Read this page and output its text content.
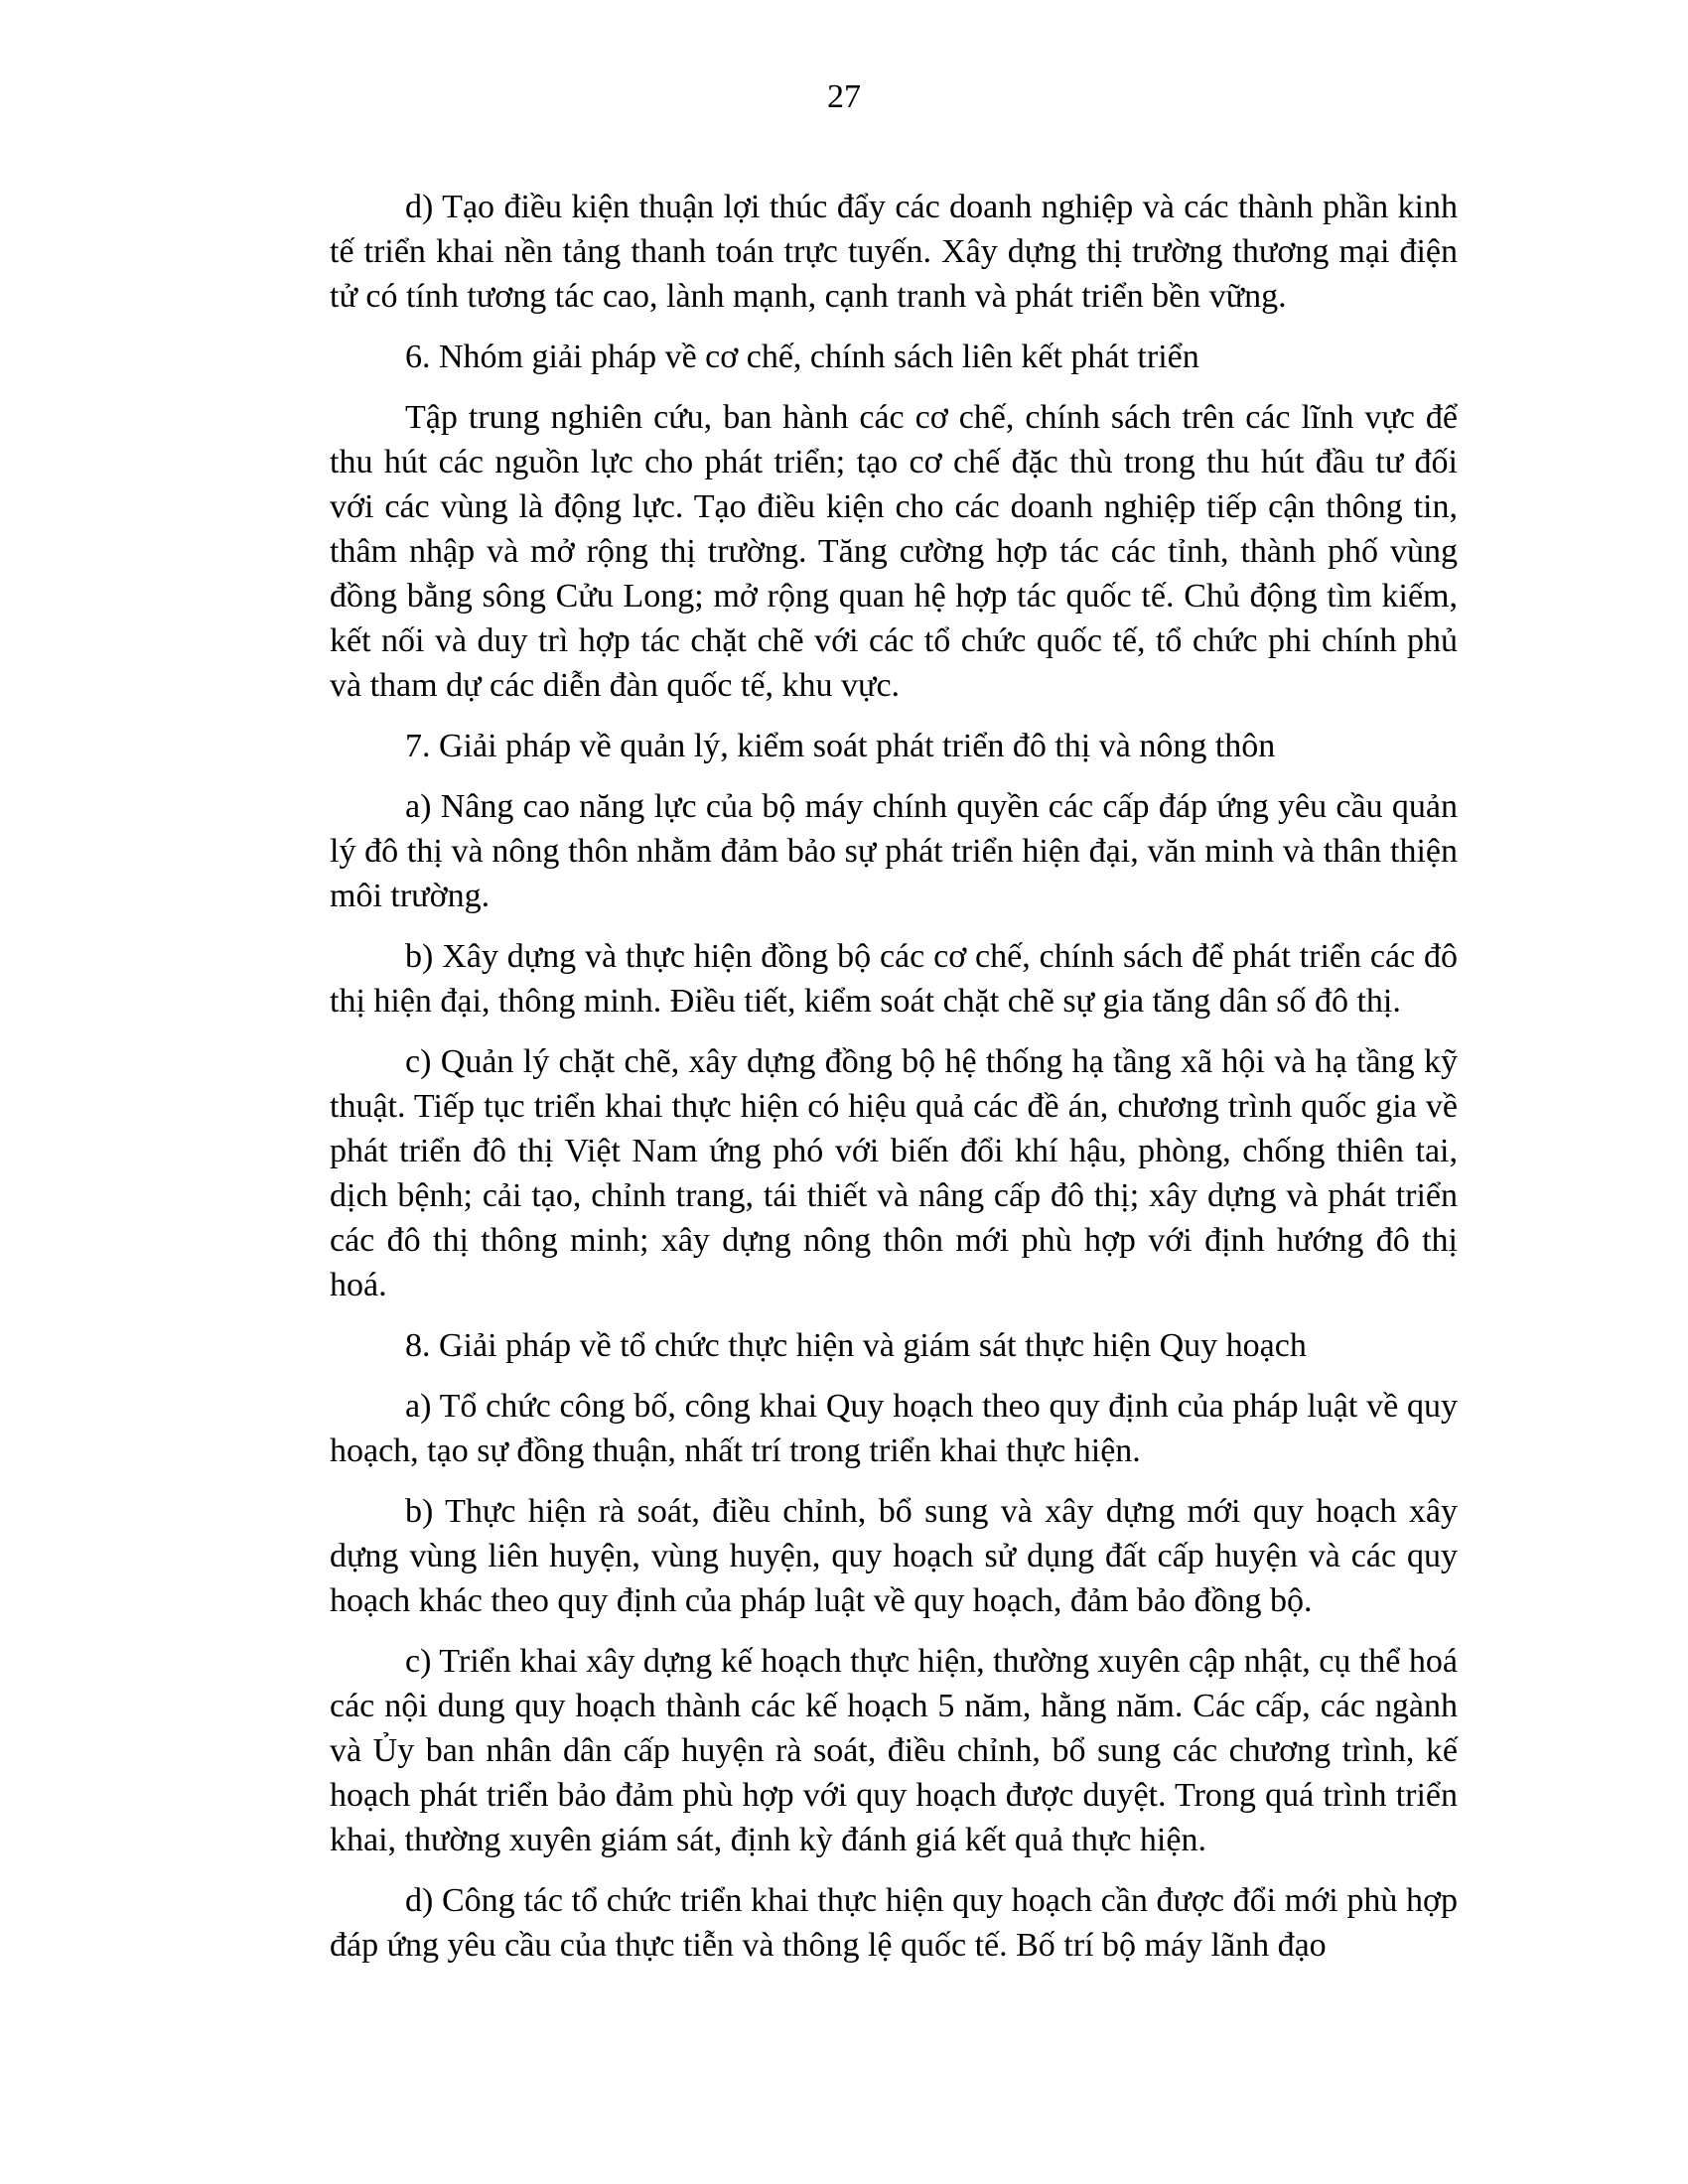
27

d) Tạo điều kiện thuận lợi thúc đẩy các doanh nghiệp và các thành phần kinh tế triển khai nền tảng thanh toán trực tuyến. Xây dựng thị trường thương mại điện tử có tính tương tác cao, lành mạnh, cạnh tranh và phát triển bền vững.

6. Nhóm giải pháp về cơ chế, chính sách liên kết phát triển

Tập trung nghiên cứu, ban hành các cơ chế, chính sách trên các lĩnh vực để thu hút các nguồn lực cho phát triển; tạo cơ chế đặc thù trong thu hút đầu tư đối với các vùng là động lực. Tạo điều kiện cho các doanh nghiệp tiếp cận thông tin, thâm nhập và mở rộng thị trường. Tăng cường hợp tác các tỉnh, thành phố vùng đồng bằng sông Cửu Long; mở rộng quan hệ hợp tác quốc tế. Chủ động tìm kiếm, kết nối và duy trì hợp tác chặt chẽ với các tổ chức quốc tế, tổ chức phi chính phủ và tham dự các diễn đàn quốc tế, khu vực.

7. Giải pháp về quản lý, kiểm soát phát triển đô thị và nông thôn

a) Nâng cao năng lực của bộ máy chính quyền các cấp đáp ứng yêu cầu quản lý đô thị và nông thôn nhằm đảm bảo sự phát triển hiện đại, văn minh và thân thiện môi trường.

b) Xây dựng và thực hiện đồng bộ các cơ chế, chính sách để phát triển các đô thị hiện đại, thông minh. Điều tiết, kiểm soát chặt chẽ sự gia tăng dân số đô thị.

c) Quản lý chặt chẽ, xây dựng đồng bộ hệ thống hạ tầng xã hội và hạ tầng kỹ thuật. Tiếp tục triển khai thực hiện có hiệu quả các đề án, chương trình quốc gia về phát triển đô thị Việt Nam ứng phó với biến đổi khí hậu, phòng, chống thiên tai, dịch bệnh; cải tạo, chỉnh trang, tái thiết và nâng cấp đô thị; xây dựng và phát triển các đô thị thông minh; xây dựng nông thôn mới phù hợp với định hướng đô thị hoá.

8. Giải pháp về tổ chức thực hiện và giám sát thực hiện Quy hoạch

a) Tổ chức công bố, công khai Quy hoạch theo quy định của pháp luật về quy hoạch, tạo sự đồng thuận, nhất trí trong triển khai thực hiện.

b) Thực hiện rà soát, điều chỉnh, bổ sung và xây dựng mới quy hoạch xây dựng vùng liên huyện, vùng huyện, quy hoạch sử dụng đất cấp huyện và các quy hoạch khác theo quy định của pháp luật về quy hoạch, đảm bảo đồng bộ.

c) Triển khai xây dựng kế hoạch thực hiện, thường xuyên cập nhật, cụ thể hoá các nội dung quy hoạch thành các kế hoạch 5 năm, hằng năm. Các cấp, các ngành và Ủy ban nhân dân cấp huyện rà soát, điều chỉnh, bổ sung các chương trình, kế hoạch phát triển bảo đảm phù hợp với quy hoạch được duyệt. Trong quá trình triển khai, thường xuyên giám sát, định kỳ đánh giá kết quả thực hiện.

d) Công tác tổ chức triển khai thực hiện quy hoạch cần được đổi mới phù hợp đáp ứng yêu cầu của thực tiễn và thông lệ quốc tế. Bố trí bộ máy lãnh đạo
